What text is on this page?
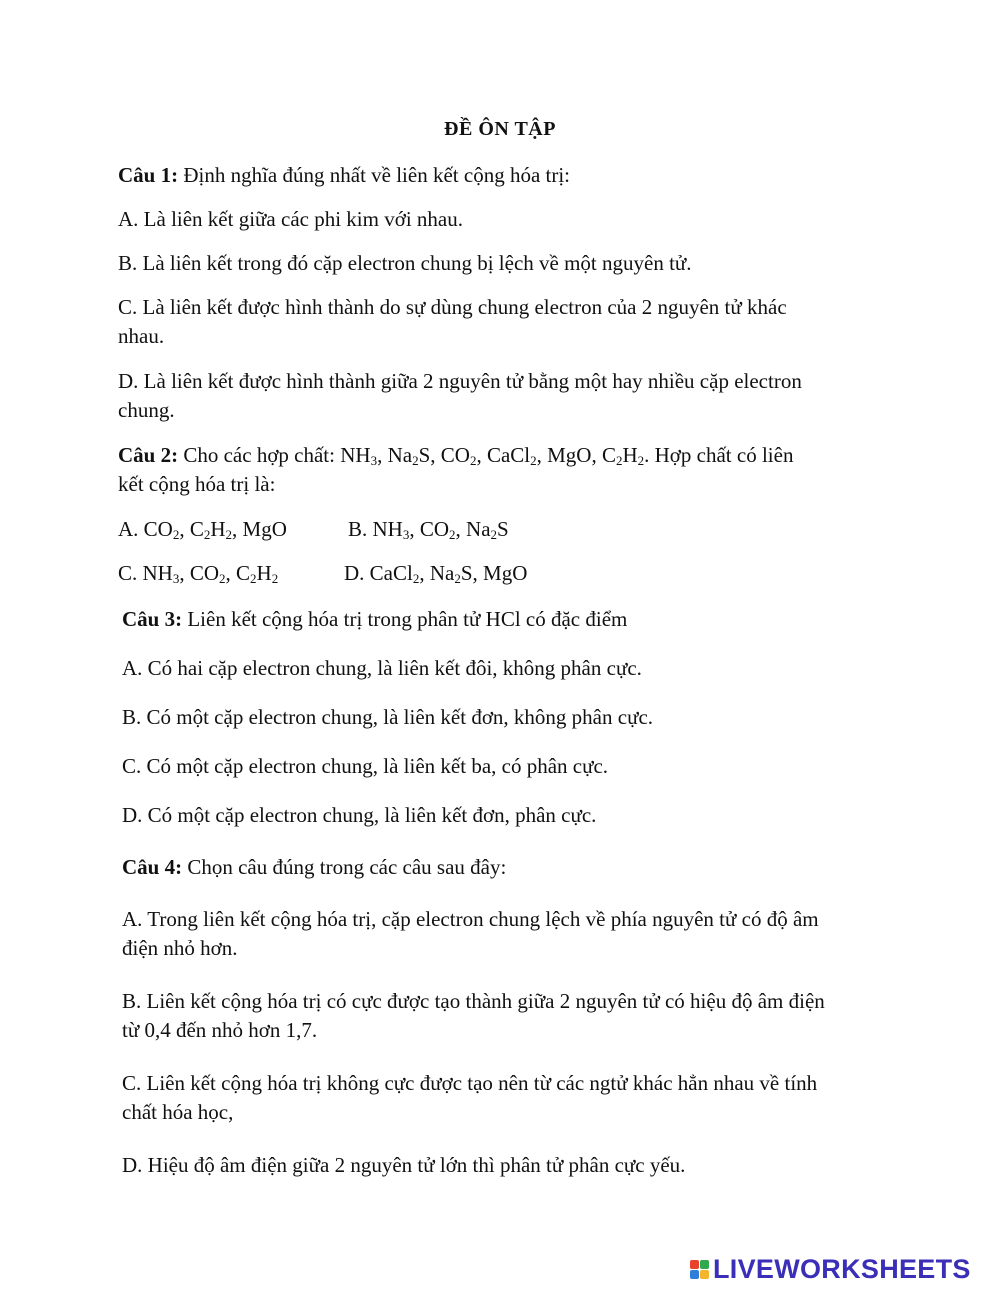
ĐỀ ÔN TẬP
Câu 1: Định nghĩa đúng nhất về liên kết cộng hóa trị:
A. Là liên kết giữa các phi kim với nhau.
B. Là liên kết trong đó cặp electron chung bị lệch về một nguyên tử.
C. Là liên kết được hình thành do sự dùng chung electron của 2 nguyên tử khác
nhau.
D. Là liên kết được hình thành giữa 2 nguyên tử bằng một hay nhiều cặp electron
chung.
Câu 2: Cho các hợp chất: $NH_3$, $Na_2S$, $CO_2$, CaCl$_2$, MgO, $C_2H_2$. Hợp chất có liên
kết cộng hóa trị là:
A. $CO_2$, $C_2H_2$, MgO	B. $NH_3$, $CO_2$, $Na_2S$
C. $NH_3$, $CO_2$, $C_2H_2$	D. CaCl$_2$, $Na_2S$, MgO
Câu 3: Liên kết cộng hóa trị trong phân tử HCl có đặc điểm
A. Có hai cặp electron chung, là liên kết đôi, không phân cực.
B. Có một cặp electron chung, là liên kết đơn, không phân cực.
C. Có một cặp electron chung, là liên kết ba, có phân cực.
D. Có một cặp electron chung, là liên kết đơn, phân cực.
Câu 4: Chọn câu đúng trong các câu sau đây:
A. Trong liên kết cộng hóa trị, cặp electron chung lệch về phía nguyên tử có độ âm
điện nhỏ hơn.
B. Liên kết cộng hóa trị có cực được tạo thành giữa 2 nguyên tử có hiệu độ âm điện
từ 0,4 đến nhỏ hơn 1,7.
C. Liên kết cộng hóa trị không cực được tạo nên từ các ngtử khác hẳn nhau về tính
chất hóa học,
D. Hiệu độ âm điện giữa 2 nguyên tử lớn thì phân tử phân cực yếu.
LIVEWORKSHEETS
